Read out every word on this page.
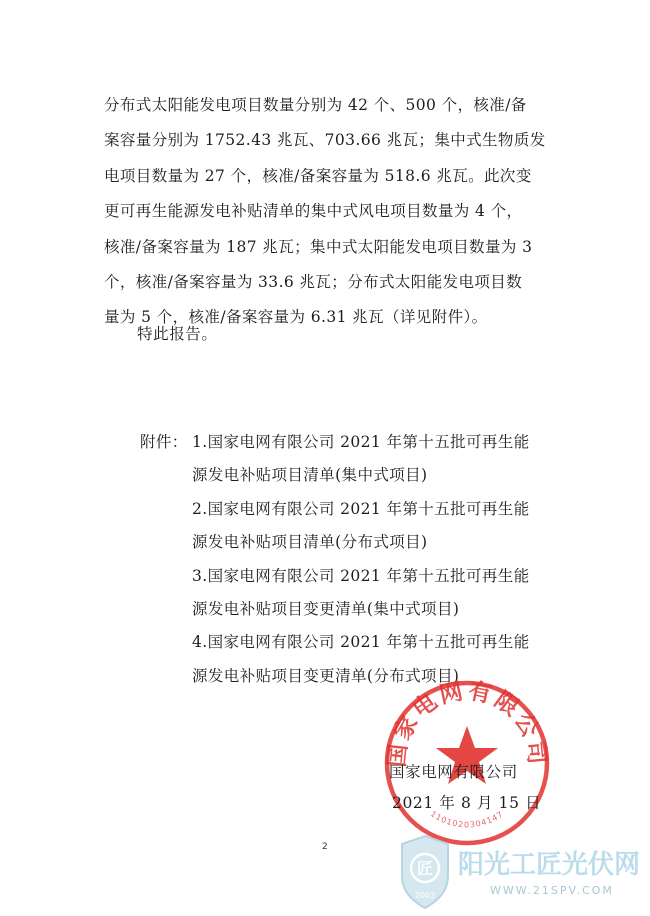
分布式太阳能发电项目数量分别为 42 个、500 个，核准/备
案容量分别为 1752.43 兆瓦、703.66 兆瓦；集中式生物质发
电项目数量为 27 个，核准/备案容量为 518.6 兆瓦。此次变
更可再生能源发电补贴清单的集中式风电项目数量为 4 个，
核准/备案容量为 187 兆瓦；集中式太阳能发电项目数量为 3
个，核准/备案容量为 33.6 兆瓦；分布式太阳能发电项目数
量为 5 个，核准/备案容量为 6.31 兆瓦（详见附件）。
特此报告。
附件： 1.国家电网有限公司 2021 年第十五批可再生能
源发电补贴项目清单(集中式项目)
2.国家电网有限公司 2021 年第十五批可再生能
源发电补贴项目清单(分布式项目)
3.国家电网有限公司 2021 年第十五批可再生能
源发电补贴项目变更清单(集中式项目)
4.国家电网有限公司 2021 年第十五批可再生能
源发电补贴项目变更清单(分布式项目)
国家电网有限公司
1101020304147
国家电网有限公司
2021 年 8 月 15 日
2
匠
2003
阳光工匠光伏网
WWW.21SPV.COM
